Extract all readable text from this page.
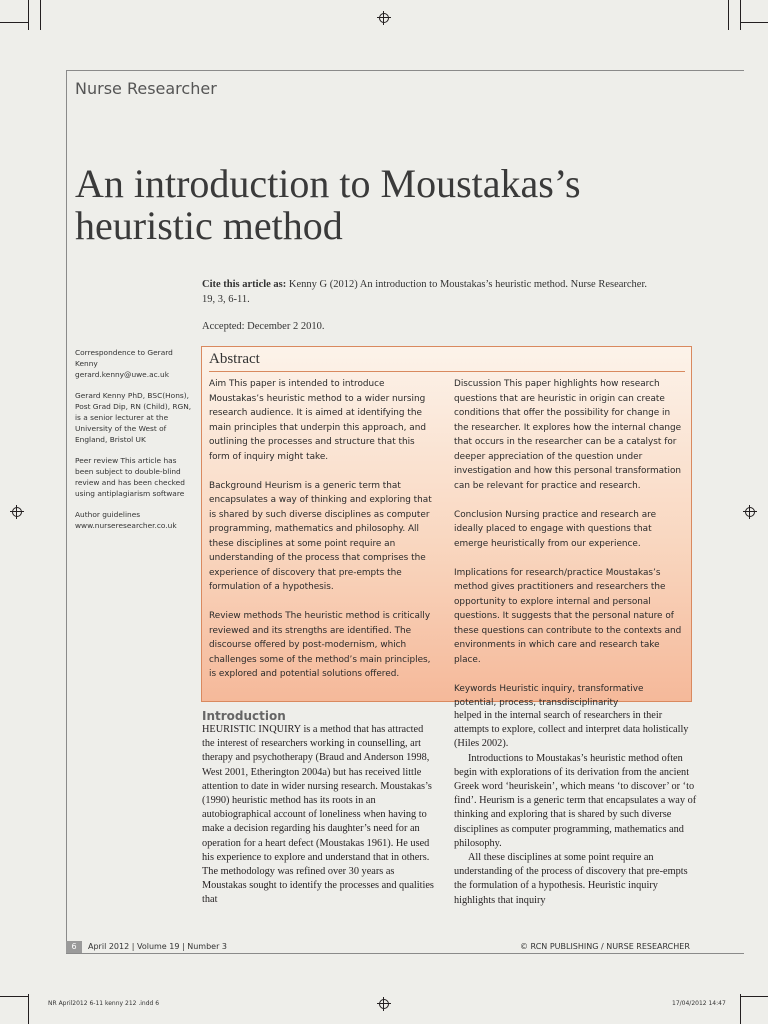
Nurse Researcher
An introduction to Moustakas’s heuristic method
Cite this article as: Kenny G (2012) An introduction to Moustakas’s heuristic method. Nurse Researcher. 19, 3, 6-11.
Accepted: December 2 2010.

Correspondence to Gerard Kenny gerard.kenny@uwe.ac.uk

Gerard Kenny PhD, BSC(Hons), Post Grad Dip, RN (Child), RGN, is a senior lecturer at the University of the West of England, Bristol UK

Peer review This article has been subject to double-blind review and has been checked using antiplagiarism software

Author guidelines www.nurseresearcher.co.uk

Abstract

Aim This paper is intended to introduce Moustakas’s heuristic method to a wider nursing research audience. It is aimed at identifying the main principles that underpin this approach, and outlining the processes and structure that this form of inquiry might take.

Background Heurism is a generic term that encapsulates a way of thinking and exploring that is shared by such diverse disciplines as computer programming, mathematics and philosophy. All these disciplines at some point require an understanding of the process that comprises the experience of discovery that pre-empts the formulation of a hypothesis.

Review methods The heuristic method is critically reviewed and its strengths are identified. The discourse offered by post-modernism, which challenges some of the method’s main principles, is explored and potential solutions offered.

Discussion This paper highlights how research questions that are heuristic in origin can create conditions that offer the possibility for change in the researcher. It explores how the internal change that occurs in the researcher can be a catalyst for deeper appreciation of the question under investigation and how this personal transformation can be relevant for practice and research.

Conclusion Nursing practice and research are ideally placed to engage with questions that emerge heuristically from our experience.

Implications for research/practice Moustakas’s method gives practitioners and researchers the opportunity to explore internal and personal questions. It suggests that the personal nature of these questions can contribute to the contexts and environments in which care and research take place.

Keywords Heuristic inquiry, transformative potential, process, transdisciplinarity

Introduction

HEURISTIC INQUIRY is a method that has attracted the interest of researchers working in counselling, art therapy and psychotherapy (Braud and Anderson 1998, West 2001, Etherington 2004a) but has received little attention to date in wider nursing research. Moustakas’s (1990) heuristic method has its roots in an autobiographical account of loneliness when having to make a decision regarding his daughter’s need for an operation for a heart defect (Moustakas 1961). He used his experience to explore and understand that in others. The methodology was refined over 30 years as Moustakas sought to identify the processes and qualities that

helped in the internal search of researchers in their attempts to explore, collect and interpret data holistically (Hiles 2002).

Introductions to Moustakas’s heuristic method often begin with explorations of its derivation from the ancient Greek word ‘heuriskein’, which means ‘to discover’ or ‘to find’. Heurism is a generic term that encapsulates a way of thinking and exploring that is shared by such diverse disciplines as computer programming, mathematics and philosophy.

All these disciplines at some point require an understanding of the process of discovery that pre-empts the formulation of a hypothesis. Heuristic inquiry highlights that inquiry

6	April 2012 | Volume 19 | Number 3	© RCN PUBLISHING / NURSE RESEARCHER
NR April2012 6-11 kenny 212 .indd 6	17/04/2012 14:47
